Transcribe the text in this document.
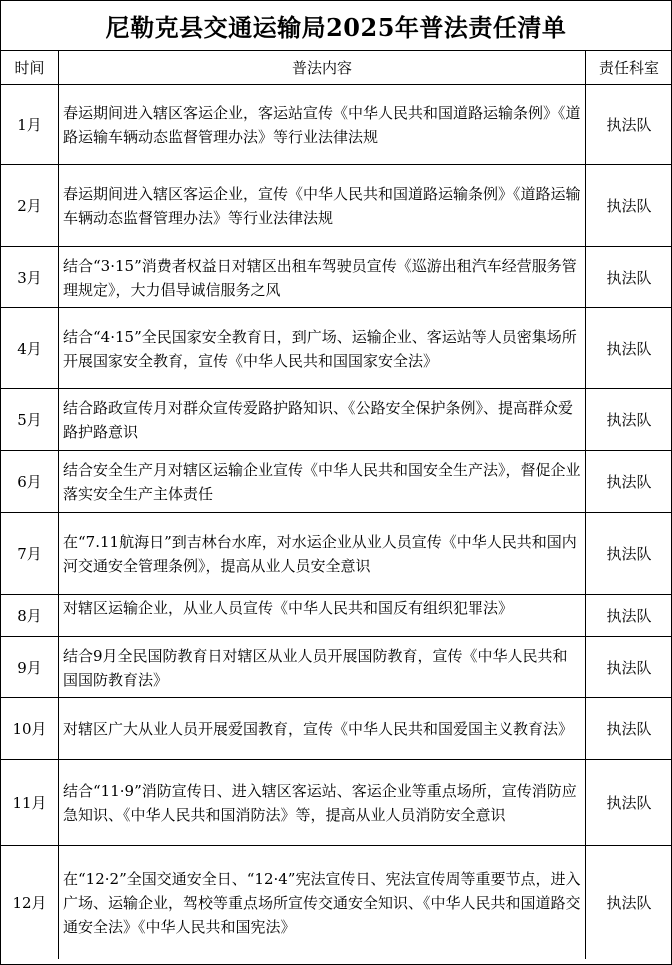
尼勒克县交通运输局2025年普法责任清单
时间	普法内容	责任科室
1月	春运期间进入辖区客运企业，客运站宣传《中华人民共和国道路运输条例》《道路运输车辆动态监督管理办法》等行业法律法规	执法队
2月	春运期间进入辖区客运企业，宣传《中华人民共和国道路运输条例》《道路运输车辆动态监督管理办法》等行业法律法规	执法队
3月	结合“3·15”消费者权益日对辖区出租车驾驶员宣传《巡游出租汽车经营服务管理规定》，大力倡导诚信服务之风	执法队
4月	结合“4·15”全民国家安全教育日，到广场、运输企业、客运站等人员密集场所开展国家安全教育，宣传《中华人民共和国国家安全法》	执法队
5月	结合路政宣传月对群众宣传爱路护路知识、《公路安全保护条例》、提高群众爱路护路意识	执法队
6月	结合安全生产月对辖区运输企业宣传《中华人民共和国安全生产法》，督促企业落实安全生产主体责任	执法队
7月	在“7.11航海日”到吉林台水库，对水运企业从业人员宣传《中华人民共和国内河交通安全管理条例》，提高从业人员安全意识	执法队
8月	对辖区运输企业，从业人员宣传《中华人民共和国反有组织犯罪法》	执法队
9月	结合9月全民国防教育日对辖区从业人员开展国防教育，宣传《中华人民共和国国防教育法》	执法队
10月	对辖区广大从业人员开展爱国教育，宣传《中华人民共和国爱国主义教育法》	执法队
11月	结合“11·9”消防宣传日、进入辖区客运站、客运企业等重点场所，宣传消防应急知识、《中华人民共和国消防法》等，提高从业人员消防安全意识	执法队
12月	在“12·2”全国交通安全日、“12·4”宪法宣传日、宪法宣传周等重要节点，进入广场、运输企业，驾校等重点场所宣传交通安全知识、《中华人民共和国道路交通安全法》《中华人民共和国宪法》	执法队
